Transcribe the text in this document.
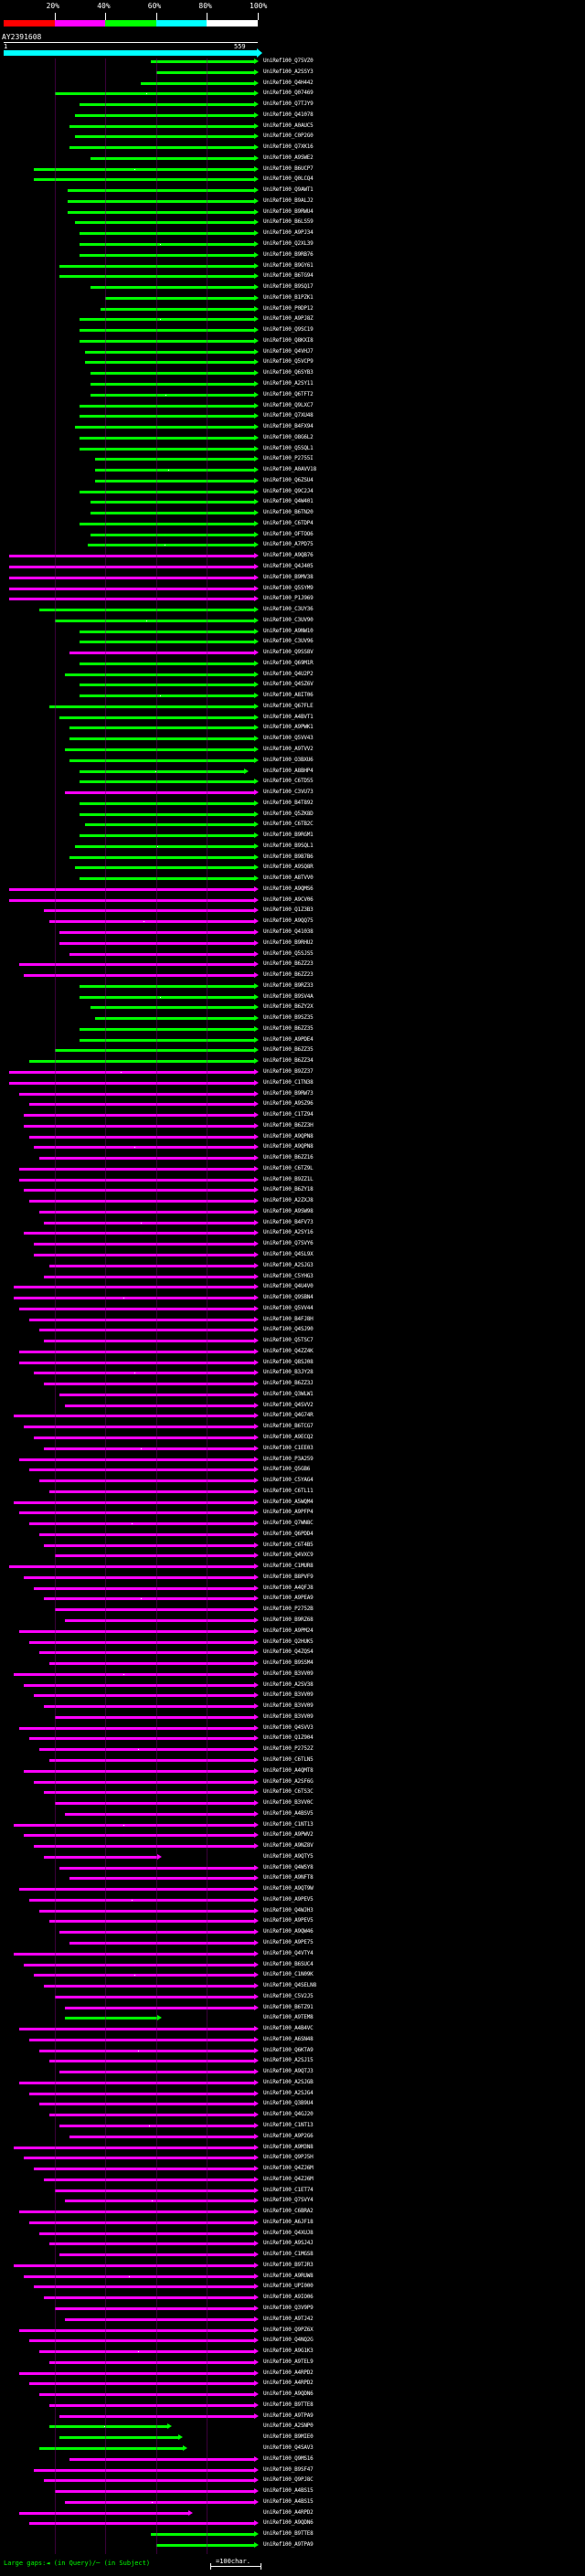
20%	40%	60%	80%	100%
AY2391608
1	559
UniRef100_Q75VZ0
UniRef100_A2SSY3
UniRef100_Q4H442
UniRef100_Q07469
UniRef100_Q7TJY9
UniRef100_Q41078
UniRef100_A0AUC5
UniRef100_C0P2G0
UniRef100_Q7XK16
UniRef100_A9SWE2
UniRef100_B6UCP7
UniRef100_Q0LCQ4
UniRef100_Q9AWT1
UniRef100_B9ALJ2
UniRef100_B9RWU4
UniRef100_B6LS59
UniRef100_A9PJ34
UniRef100_Q2XL39
UniRef100_B9RB76
UniRef100_B9GY61
UniRef100_B6TG94
UniRef100_B9SQ17
UniRef100_B1PZK1
UniRef100_P0DP12
UniRef100_A9PJ8Z
UniRef100_Q9SC19
UniRef100_Q8KXI8
UniRef100_Q4VHJ7
UniRef100_Q5VCP9
UniRef100_Q6SYB3
UniRef100_A2SY11
UniRef100_Q6TFT2
UniRef100_Q9LXC7
UniRef100_Q7XU48
UniRef100_B4FX94
UniRef100_O8G6L2
UniRef100_Q5SQL1
UniRef100_P2755I
UniRef100_A0AVV18
UniRef100_Q6ZSU4
UniRef100_Q9C2J4
UniRef100_Q4W401
UniRef100_B6TN20
UniRef100_C6TDP4
UniRef100_OFTOO6
UniRef100_A7PD75
UniRef100_A9QB76
UniRef100_Q4J405
UniRef100_B9MV38
UniRef100_Q5SYM9
UniRef100_P1J969
UniRef100_C3UY36
UniRef100_C3UV90
UniRef100_A9NW10
UniRef100_C3UV96
UniRef100_Q9SS8V
UniRef100_Q69M1R
UniRef100_Q4U2P2
UniRef100_Q4SZ6V
UniRef100_A8IT06
UniRef100_Q67FLE
UniRef100_A4BVT1
UniRef100_A9PWK1
UniRef100_Q5VV43
UniRef100_A9TVV2
UniRef100_O3BXU6
UniRef100_A8BHP4
UniRef100_C6TD55
UniRef100_C3VU73
UniRef100_B4T892
UniRef100_Q5ZK8D
UniRef100_C6TB2C
UniRef100_B9RGM1
UniRef100_B9SQL1
UniRef100_B9B7B6
UniRef100_A9SQ8R
UniRef100_A8TVV0
UniRef100_A9QMS6
UniRef100_A9CV06
UniRef100_Q1Z3B3
UniRef100_A9QQ75
UniRef100_Q41038
UniRef100_B9RHU2
UniRef100_Q5SJS5
UniRef100_B6ZZ23
UniRef100_B6ZZ23
UniRef100_B9RZ33
UniRef100_B9SV4A
UniRef100_B6ZY2X
UniRef100_B9SZ35
UniRef100_B6ZZ35
UniRef100_A9PDE4
UniRef100_B6ZZ35
UniRef100_B6ZZ34
UniRef100_B9ZZ37
UniRef100_C1TN38
UniRef100_B9RW73
UniRef100_A9SZ96
UniRef100_C1TZ94
UniRef100_B6ZZ3H
UniRef100_A9QPN8
UniRef100_A9QPN8
UniRef100_B6ZZ16
UniRef100_C6TZ9L
UniRef100_B9ZZ1L
UniRef100_B6ZY18
UniRef100_A2ZXJ8
UniRef100_A9SW98
UniRef100_B4FV73
UniRef100_A2SY16
UniRef100_Q7SVY6
UniRef100_Q4SL9X
UniRef100_A2SJG3
UniRef100_C5YHG3
UniRef100_Q4U4V0
UniRef100_Q9SBN4
UniRef100_Q5VV44
UniRef100_B4FJ8H
UniRef100_Q4SJ90
UniRef100_Q5TSC7
UniRef100_Q4ZZ4K
UniRef100_Q8SJ08
UniRef100_B3JY28
UniRef100_B6ZZ3J
UniRef100_Q3WLW1
UniRef100_Q4SVV2
UniRef100_Q4G74R
UniRef100_B6TCG7
UniRef100_A9ECQ2
UniRef100_C1EE03
UniRef100_P3A259
UniRef100_Q5GB6
UniRef100_C5YAG4
UniRef100_C6TL11
UniRef100_A5WQM4
UniRef100_A9PFP4
UniRef100_Q7WN8C
UniRef100_Q6PDD4
UniRef100_C6T4B5
UniRef100_Q4VXC9
UniRef100_C1MUR8
UniRef100_B8PVF9
UniRef100_A4QFJ8
UniRef100_A9PEA9
UniRef100_P2752B
UniRef100_B9RZ68
UniRef100_A9PM24
UniRef100_Q2HUK5
UniRef100_Q4ZQS4
UniRef100_B9SSM4
UniRef100_B3VV09
UniRef100_A2SV38
UniRef100_B3VV09
UniRef100_B3VV09
UniRef100_B3VV09
UniRef100_Q4SVV3
UniRef100_Q1Z904
UniRef100_P2752Z
UniRef100_C6TLN5
UniRef100_A4QMT8
UniRef100_A2SF6G
UniRef100_C6TS3C
UniRef100_B3VV0C
UniRef100_A4BSV5
UniRef100_C1NT13
UniRef100_A9PWV2
UniRef100_A9NZ8V
UniRef100_A9QTY5
UniRef100_Q4WSY8
UniRef100_A9NFT8
UniRef100_A9QT9W
UniRef100_A9PEV5
UniRef100_Q4WJH3
UniRef100_A9PEV5
UniRef100_A9QW46
UniRef100_A9PE75
UniRef100_Q4VTY4
UniRef100_B6SUC4
UniRef100_C1N09K
UniRef100_Q4SELN8
UniRef100_C5V2J5
UniRef100_B6TZ91
UniRef100_A9TEM8
UniRef100_A4B4VC
UniRef100_A6SN48
UniRef100_Q6KTA9
UniRef100_A2SJ15
UniRef100_A9QTJ3
UniRef100_A2SJGB
UniRef100_A2SJG4
UniRef100_Q3B9U4
UniRef100_Q4GJ20
UniRef100_C1NT13
UniRef100_A9P2G6
UniRef100_A9M3N8
UniRef100_Q9PJ5H
UniRef100_Q4ZJ6M
UniRef100_Q4ZJ6M
UniRef100_C1ET74
UniRef100_Q7SVY4
UniRef100_C6BRA2
UniRef100_A6JF18
UniRef100_Q4XUJ8
UniRef100_A9SJ4J
UniRef100_C1MGS8
UniRef100_B9TJR3
UniRef100_A9RUW8
UniRef100_UPI000
UniRef100_A9IO06
UniRef100_Q3V9P9
UniRef100_A9TJ42
UniRef100_Q9PZ6X
UniRef100_Q4NQ2G
UniRef100_A9G1K3
UniRef100_A9TEL9
UniRef100_A4RPD2
UniRef100_A4RPD2
UniRef100_A9QDN6
UniRef100_B9TTE8
UniRef100_A9TPA9
UniRef100_A2SNP0
UniRef100_B9MIE0
UniRef100_Q4SAV3
UniRef100_Q9MS16
UniRef100_B9SF47
UniRef100_Q9PJ8C
UniRef100_A4BS15
UniRef100_A4BS15
UniRef100_A4RPD2
UniRef100_A9QDN6
UniRef100_B9TTE8
UniRef100_A9TPA9
Large gaps:◄ (in Query)/─ (in Subject)	=100char.
